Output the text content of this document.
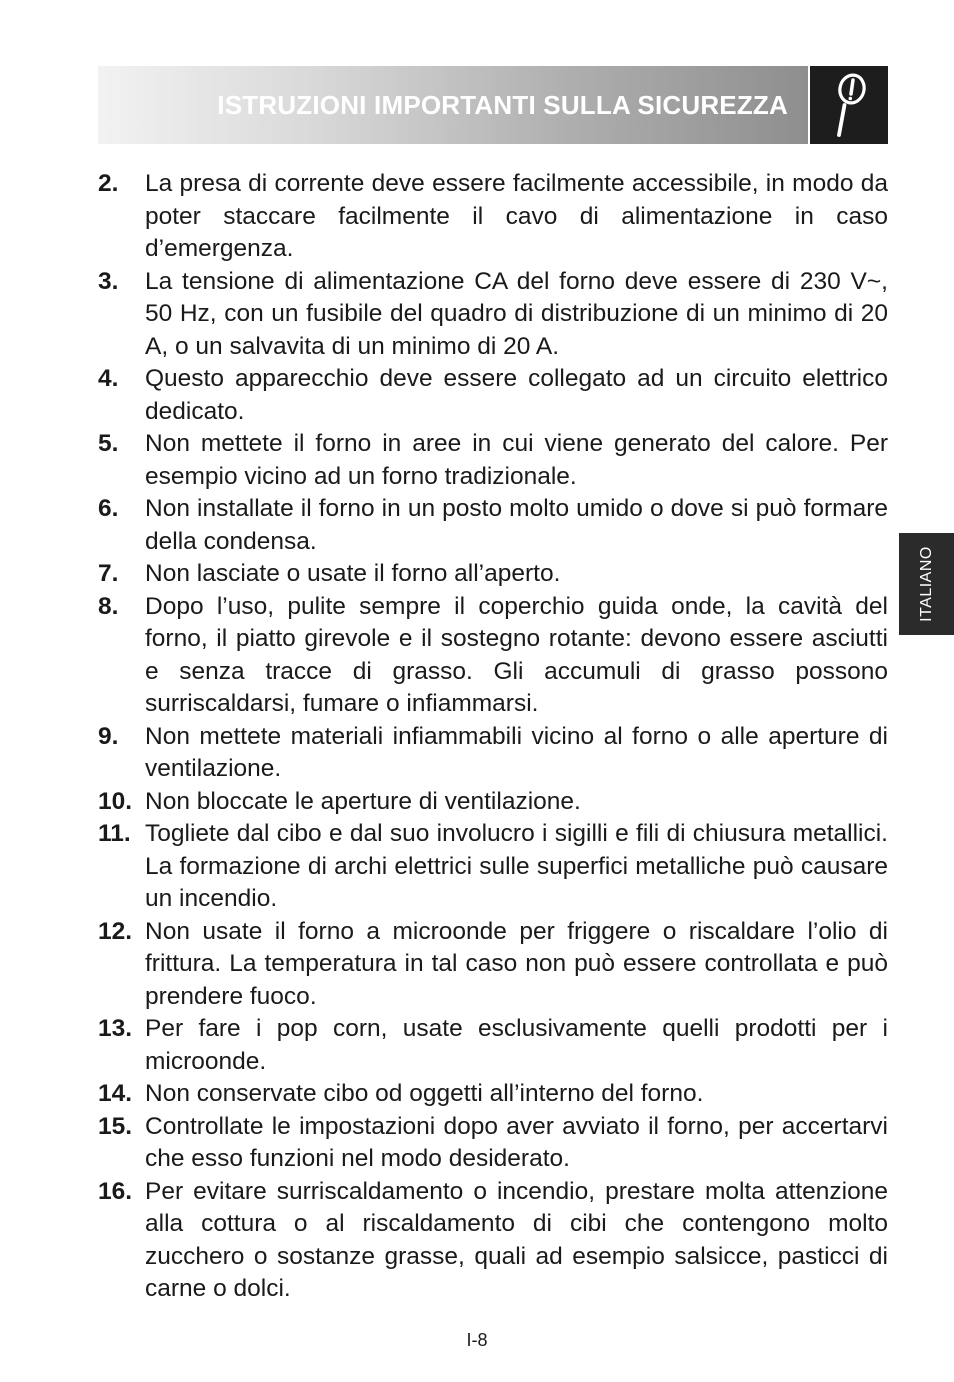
ISTRUZIONI IMPORTANTI SULLA SICUREZZA
ITALIANO
2. La presa di corrente deve essere facilmente accessibile, in modo da poter staccare facilmente il cavo di alimentazione in caso d’emergenza.
3. La tensione di alimentazione CA del forno deve essere di 230 V~, 50 Hz, con un fusibile del quadro di distribuzione di un minimo di 20 A, o un salvavita di un minimo di 20 A.
4. Questo apparecchio deve essere collegato ad un circuito elettrico dedicato.
5. Non mettete il forno in aree in cui viene generato del calore. Per esempio vicino ad un forno tradizionale.
6. Non installate il forno in un posto molto umido o dove si può formare della condensa.
7. Non lasciate o usate il forno all’aperto.
8. Dopo l’uso, pulite sempre il coperchio guida onde, la cavità del forno, il piatto girevole e il sostegno rotante: devono essere asciutti e senza tracce di grasso. Gli accumuli di grasso possono surriscaldarsi, fumare o infiammarsi.
9. Non mettete materiali infiammabili vicino al forno o alle aperture di ventilazione.
10. Non bloccate le aperture di ventilazione.
11. Togliete dal cibo e dal suo involucro i sigilli e fili di chiusura metallici. La formazione di archi elettrici sulle superfici metalliche può causare un incendio.
12. Non usate il forno a microonde per friggere o riscaldare l’olio di frittura. La temperatura in tal caso non può essere controllata e può prendere fuoco.
13. Per fare i pop corn, usate esclusivamente quelli prodotti per i microonde.
14. Non conservate cibo od oggetti all’interno del forno.
15. Controllate le impostazioni dopo aver avviato il forno, per accertarvi che esso funzioni nel modo desiderato.
16. Per evitare surriscaldamento o incendio, prestare molta attenzione alla cottura o al riscaldamento di cibi che contengono molto zucchero o sostanze grasse, quali ad esempio salsicce, pasticci di carne o dolci.
I-8
